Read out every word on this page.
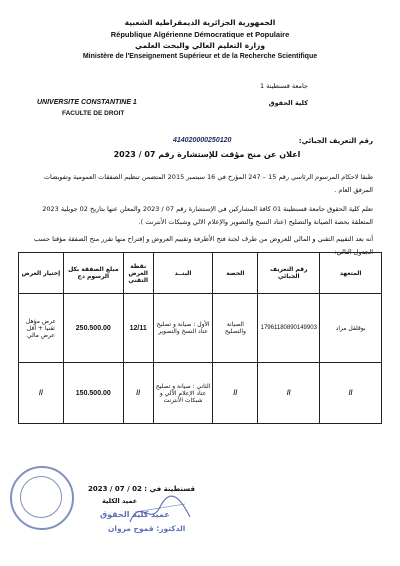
الجمهورية الجزائرية الديمقراطية الشعبية
République Algérienne Démocratique et Populaire
وزارة التعليم العالي والبحث العلمي
Ministère de l'Enseignement Supérieur et de la Recherche Scientifique
جامعة قسنطينة 1
كلية الحقوق
UNIVERSITE CONSTANTINE 1
FACULTE DE DROIT
رقم التعريف الجبائي:
414020000250120
اعلان عن منح مؤقت للإستشارة رقم 07 / 2023
طبقا لاحكام المرسوم الرئاسي رقم 15 – 247 المؤرخ في 16 سبتمبر 2015 المتضمن تنظيم الصفقات العمومية وتفويضات المرفق العام .
تعلم كلية الحقوق جامعة قسنطينة 01 كافة المشاركين في الإستشارة رقم 07 / 2023 والمعلن عنها بتاريخ 02 جويلية 2023 المتعلقة بحصة الصيانة والتصليح (عتاد النسخ والتصوير والإعلام الالي وشبكات الأنترنت ).
أنه بعد التقييم التقني و المالي للعروض من طرف لجنة فتح الأظرفة وتقييم العروض و إقتراح منها تقرر منح الصفقة مؤقتا حسب الجدول التالي:
المتعهد	رقم التعريف الجبائي	الحصة	البنــد	نقطة العرض التقني	مبلغ الصفقة بكل الرسوم دج	إختيار العرض
بوقلقل مراد	17961180890149903	الصيانة والتصليح	الأول : صيانة و تصليح عتاد النسخ والتصوير	12/11	250.500.00	عرض مؤهل تقنيا + أقل عرض مالي
//	//	//	الثاني : صيانة و تصليح عتاد الإعلام الآلي و شبكات الأنترنت	//	150.500.00	//
قسنطينة في : 02 / 07 / 2023
عميد الكلية
عميد كلية الحقوق
الدكتور: قموح مروان
